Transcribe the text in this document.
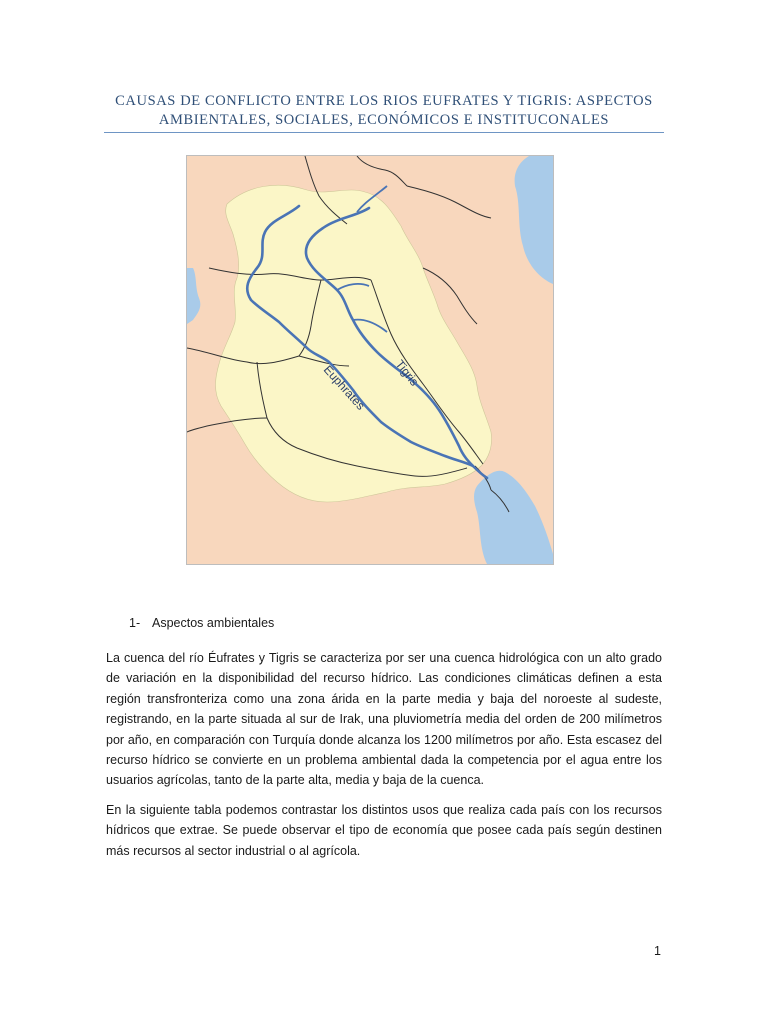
CAUSAS DE CONFLICTO ENTRE LOS RIOS EUFRATES Y TIGRIS: ASPECTOS
AMBIENTALES, SOCIALES, ECONÓMICOS E INSTITUCONALES
Euphrates Tigris
1- Aspectos ambientales
La cuenca del río Éufrates y Tigris se caracteriza por ser una cuenca hidrológica con un alto grado de variación en la disponibilidad del recurso hídrico. Las condiciones climáticas definen a esta región transfronteriza como una zona árida en la parte media y baja del noroeste al sudeste, registrando, en la parte situada al sur de Irak, una pluviometría media del orden de 200 milímetros por año, en comparación con Turquía donde alcanza los 1200 milímetros por año. Esta escasez del recurso hídrico se convierte en un problema ambiental dada la competencia por el agua entre los usuarios agrícolas, tanto de la parte alta, media y baja de la cuenca.
En la siguiente tabla podemos contrastar los distintos usos que realiza cada país con los recursos hídricos que extrae. Se puede observar el tipo de economía que posee cada país según destinen más recursos al sector industrial o al agrícola.
1
